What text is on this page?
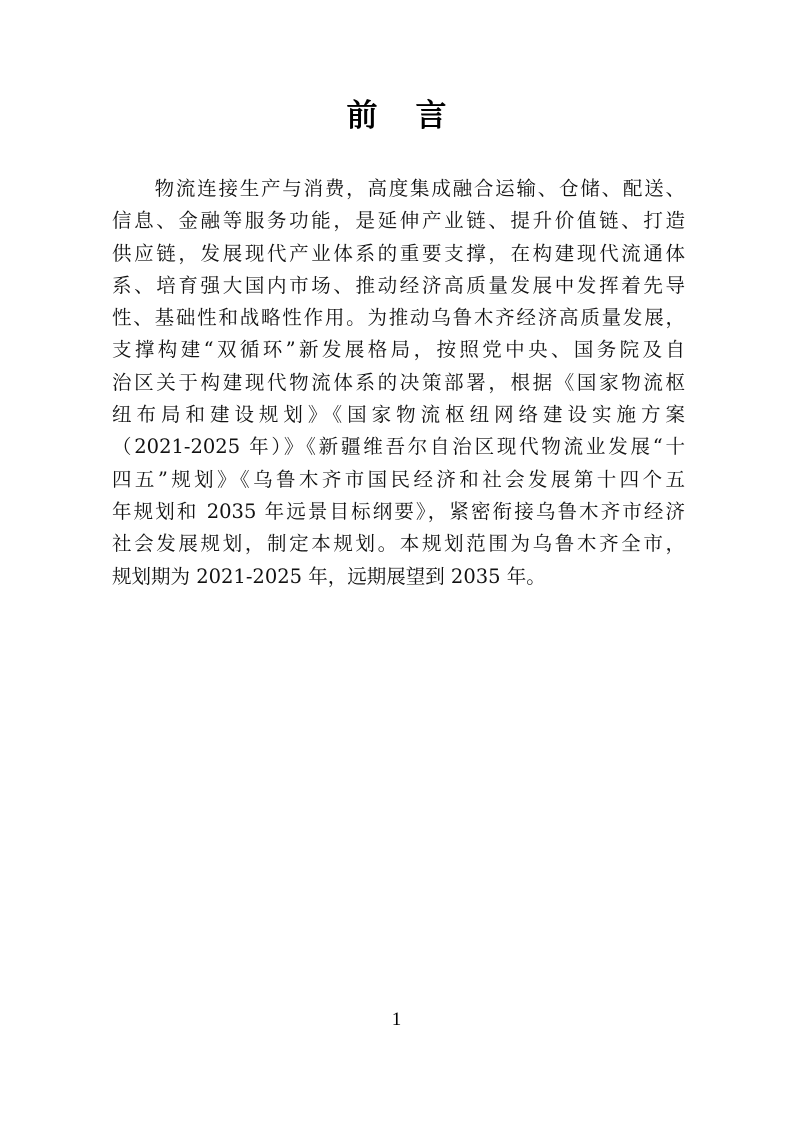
前言
　　物流连接生产与消费，高度集成融合运输、仓储、配送、
信息、金融等服务功能，是延伸产业链、提升价值链、打造
供应链，发展现代产业体系的重要支撑，在构建现代流通体
系、培育强大国内市场、推动经济高质量发展中发挥着先导
性、基础性和战略性作用。为推动乌鲁木齐经济高质量发展，
支撑构建“双循环”新发展格局，按照党中央、国务院及自
治区关于构建现代物流体系的决策部署，根据《国家物流枢
纽布局和建设规划》《国家物流枢纽网络建设实施方案
（2021-2025 年）》《新疆维吾尔自治区现代物流业发展“十
四五”规划》《乌鲁木齐市国民经济和社会发展第十四个五
年规划和 2035 年远景目标纲要》，紧密衔接乌鲁木齐市经济
社会发展规划，制定本规划。本规划范围为乌鲁木齐全市，
规划期为 2021-2025 年，远期展望到 2035 年。
1
